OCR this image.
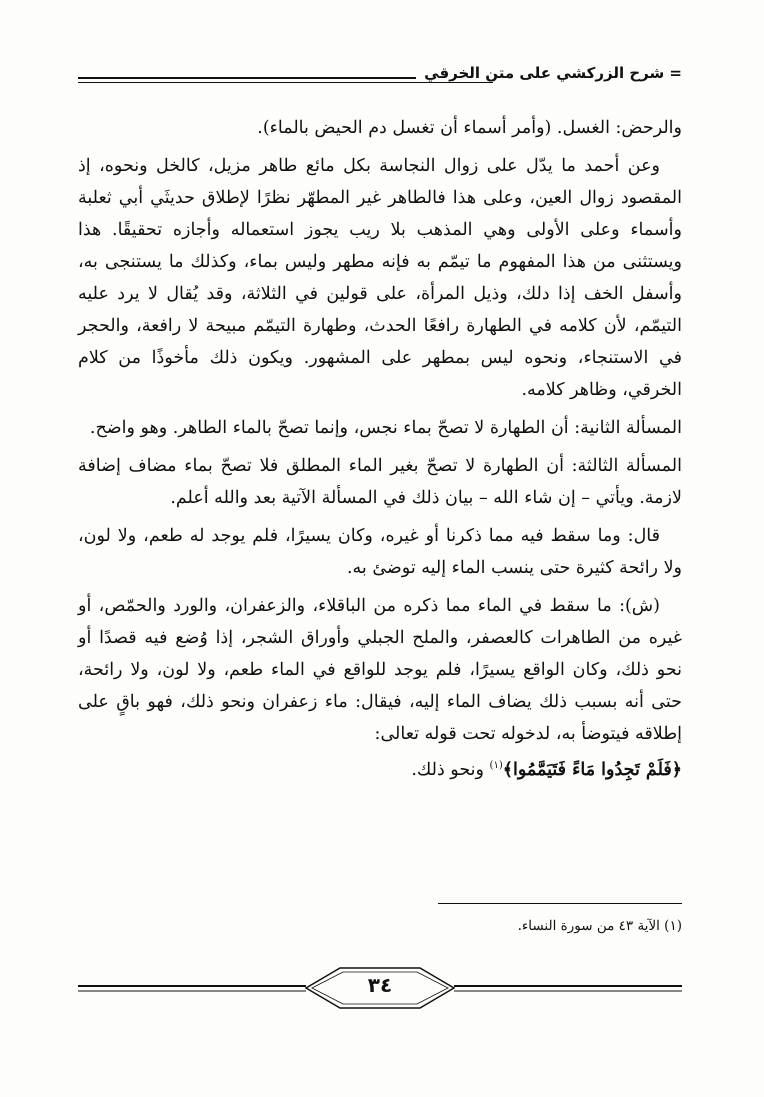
= شرح الزركشي على متن الخرقي

والرحض: الغسل. (وأمر أسماء أن تغسل دم الحيض بالماء).

وعن أحمد ما يدّل على زوال النجاسة بكل مائع طاهر مزيل، كالخل ونحوه، إذ المقصود زوال العين، وعلى هذا فالطاهر غير المطهّر نظرًا لإطلاق حديثَي أبي ثعلبة وأسماء وعلى الأولى وهي المذهب بلا ريب يجوز استعماله وأجازه تحقيقًا. هذا ويستثنى من هذا المفهوم ما تيمّم به فإنه مطهر وليس بماء، وكذلك ما يستنجى به، وأسفل الخف إذا دلك، وذيل المرأة، على قولين في الثلاثة، وقد يُقال لا يرد عليه التيمّم، لأن كلامه في الطهارة رافعًا الحدث، وطهارة التيمّم مبيحة لا رافعة، والحجر في الاستنجاء، ونحوه ليس بمطهر على المشهور. ويكون ذلك مأخوذًا من كلام الخرقي، وظاهر كلامه.

المسألة الثانية: أن الطهارة لا تصحّ بماء نجس، وإنما تصحّ بالماء الطاهر. وهو واضح.

المسألة الثالثة: أن الطهارة لا تصحّ بغير الماء المطلق فلا تصحّ بماء مضاف إضافة لازمة. ويأتي – إن شاء الله – بيان ذلك في المسألة الآتية بعد والله أعلم.

قال: وما سقط فيه مما ذكرنا أو غيره، وكان يسيرًا، فلم يوجد له طعم، ولا لون، ولا رائحة كثيرة حتى ينسب الماء إليه توضئ به.

(ش): ما سقط في الماء مما ذكره من الباقلاء، والزعفران، والورد والحمّص، أو غيره من الطاهرات كالعصفر، والملح الجبلي وأوراق الشجر، إذا وُضع فيه قصدًا أو نحو ذلك، وكان الواقع يسيرًا، فلم يوجد للواقع في الماء طعم، ولا لون، ولا رائحة، حتى أنه بسبب ذلك يضاف الماء إليه، فيقال: ماء زعفران ونحو ذلك، فهو باقٍ على إطلاقه فيتوضأ به، لدخوله تحت قوله تعالى:
﴿فَلَمْ تَجِدُوا مَاءً فَتَيَمَّمُوا﴾$^{(١)}$ ونحو ذلك.

(١) الآية ٤٣ من سورة النساء.
٣٤
